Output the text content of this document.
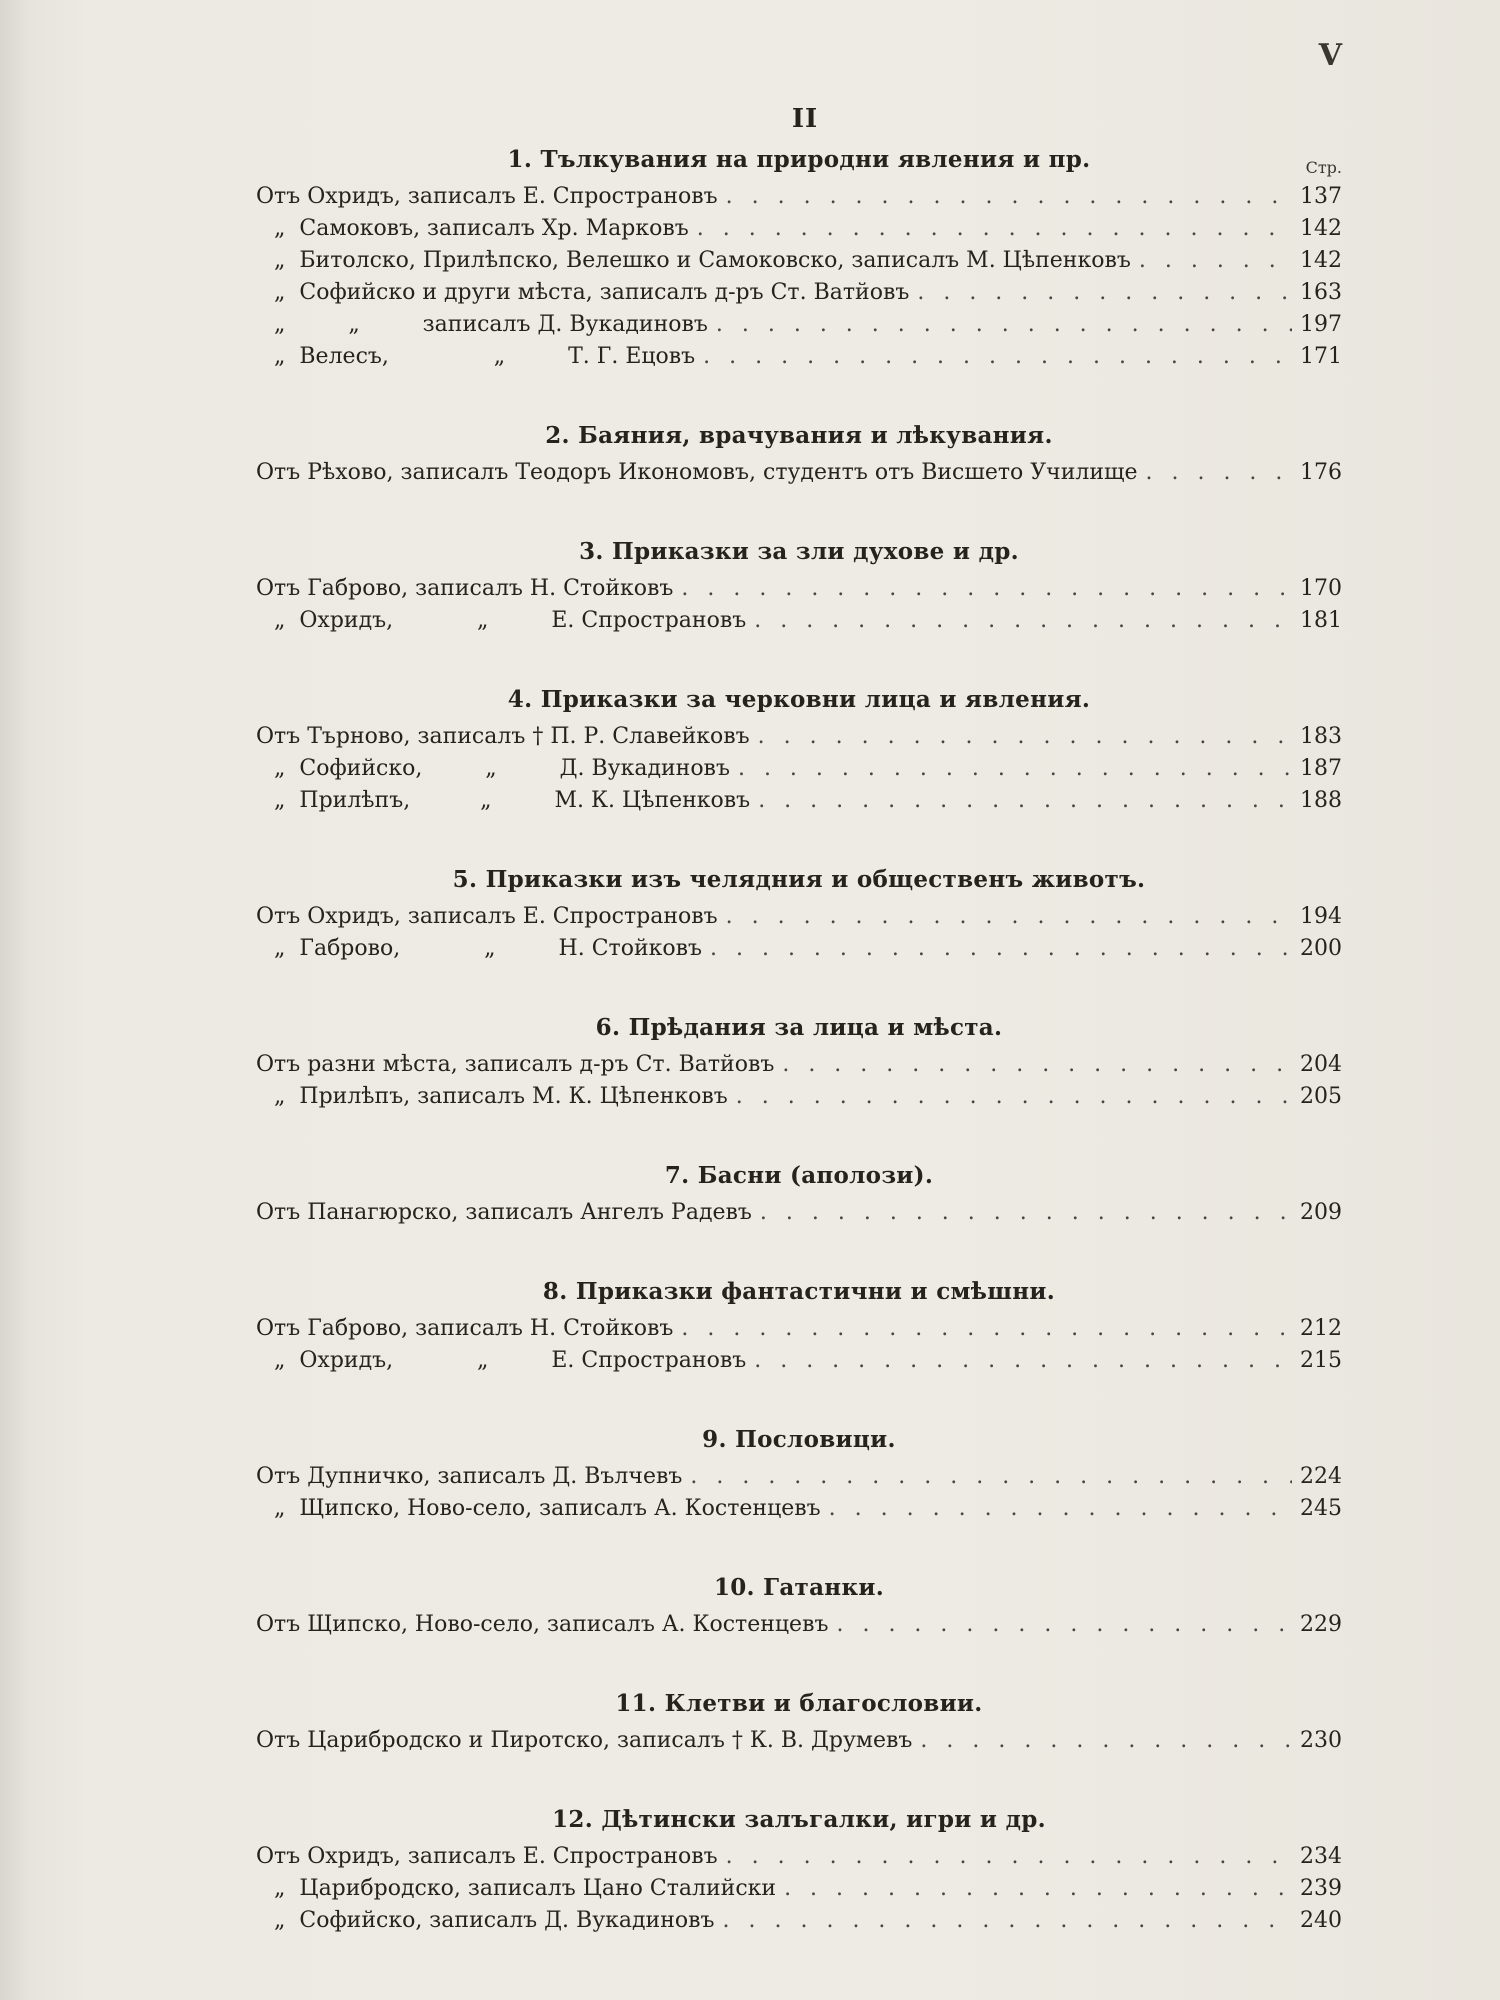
V
II
1. Тълкувания на природни явления и пр.	Стр.
Отъ Охридъ, записалъ Е. Спространовъ . . .	137
„  Самоковъ, записалъ Хр. Марковъ . . .	142
„  Битолско, Прилѣпско, Велешко и Самоковско, записалъ М. Цѣпенковъ . . .	142
„  Софийско и други мѣста, записалъ д-ръ Ст. Ватйовъ . . .	163
„         „         записалъ Д. Вукадиновъ . . .	197
„  Велесъ,               „         Т. Г. Ецовъ . . .	171
2. Баяния, врачувания и лѣкувания.
Отъ Рѣхово, записалъ Теодоръ Икономовъ, студентъ отъ Висшето Училище . . .	176
3. Приказки за зли духове и др.
Отъ Габрово, записалъ Н. Стойковъ . . .	170
„  Охридъ,            „         Е. Спространовъ . . .	181
4. Приказки за черковни лица и явления.
Отъ Търново, записалъ † П. Р. Славейковъ . . .	183
„  Софийско,         „         Д. Вукадиновъ . . .	187
„  Прилѣпъ,          „         М. К. Цѣпенковъ . . .	188
5. Приказки изъ челядния и общественъ животъ.
Отъ Охридъ, записалъ Е. Спространовъ . . .	194
„  Габрово,            „         Н. Стойковъ . . .	200
6. Прѣдания за лица и мѣста.
Отъ разни мѣста, записалъ д-ръ Ст. Ватйовъ . . .	204
„  Прилѣпъ, записалъ М. К. Цѣпенковъ . . .	205
7. Басни (аполози).
Отъ Панагюрско, записалъ Ангелъ Радевъ . . .	209
8. Приказки фантастични и смѣшни.
Отъ Габрово, записалъ Н. Стойковъ . . .	212
„  Охридъ,            „         Е. Спространовъ . . .	215
9. Пословици.
Отъ Дупничко, записалъ Д. Вълчевъ . . .	224
„  Щипско, Ново-село, записалъ А. Костенцевъ . . .	245
10. Гатанки.
Отъ Щипско, Ново-село, записалъ А. Костенцевъ . . .	229
11. Клетви и благословии.
Отъ Царибродско и Пиротско, записалъ † К. В. Друмевъ . . .	230
12. Дѣтински залъгалки, игри и др.
Отъ Охридъ, записалъ Е. Спространовъ . . .	234
„  Царибродско, записалъ Цано Сталийски . . .	239
„  Софийско, записалъ Д. Вукадиновъ . . .	240
